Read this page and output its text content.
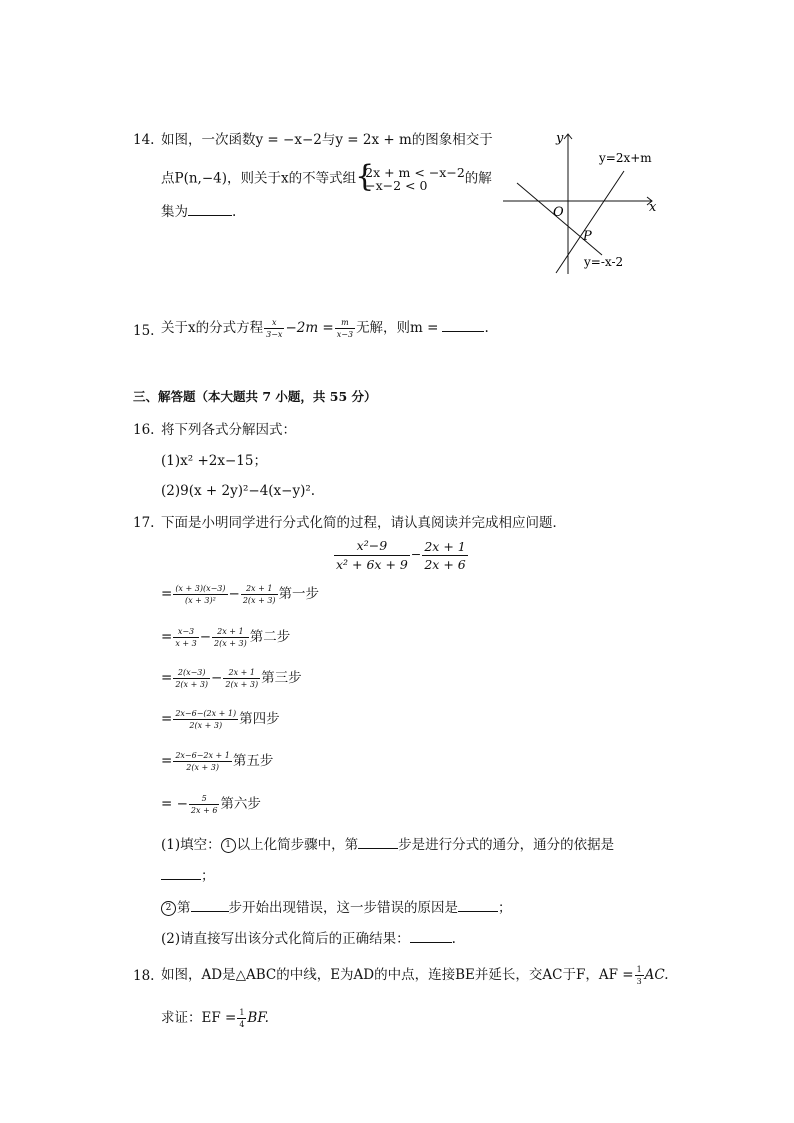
14. 如图，一次函数y = −x−2与y = 2x + m的图象相交于
点P(n,−4)，则关于x的不等式组
{ 2x + m < −x−2
−x−2 < 0	的解
集为	.
y
x
O
P
y=2x+m
y=-x-2
15. 关于x的分式方程 $\frac{x}{3-x} -2m = \frac{m}{x-3}$ 无解，则m =	.
三、解答题（本大题共 7 小题，共 55 分）
16. 将下列各式分解因式：
(1)x² +2x−15；
(2)9(x + 2y)²−4(x−y)².
17. 下面是小明同学进行分式化简的过程，请认真阅读并完成相应问题．
$\frac{\text{x²−9}}{\text{x² + 6x + 9}} - \frac{2x + 1}{2x + 6}$
= $\frac{(x + 3)(x-3)}{\text{(x + 3)²}} - \frac{2x + 1}{2(x + 3)}$ 第一步
= $\frac{x-3}{x + 3} - \frac{2x + 1}{2(x + 3)}$ 第二步
= $\frac{2(x-3)}{2(x + 3)} - \frac{2x + 1}{2(x + 3)}$ 第三步
= $\frac{2x-6-(2x + 1)}{2(x + 3)}$ 第四步
= $\frac{2x-6-2x + 1}{2(x + 3)}$ 第五步
= − $\frac{5}{2x + 6}$ 第六步
(1)填空： 1 以上化简步骤中，第	步是进行分式的通分，通分的依据是
；
2 第	步开始出现错误，这一步错误的原因是	；
(2)请直接写出该分式化简后的正确结果：	.
18. 如图，AD是△ABC的中线，E为AD的中点，连接BE并延长，交AC于F，AF = $\frac{1}{3}$ AC.
求证：EF = $\frac{1}{4}$ BF.
